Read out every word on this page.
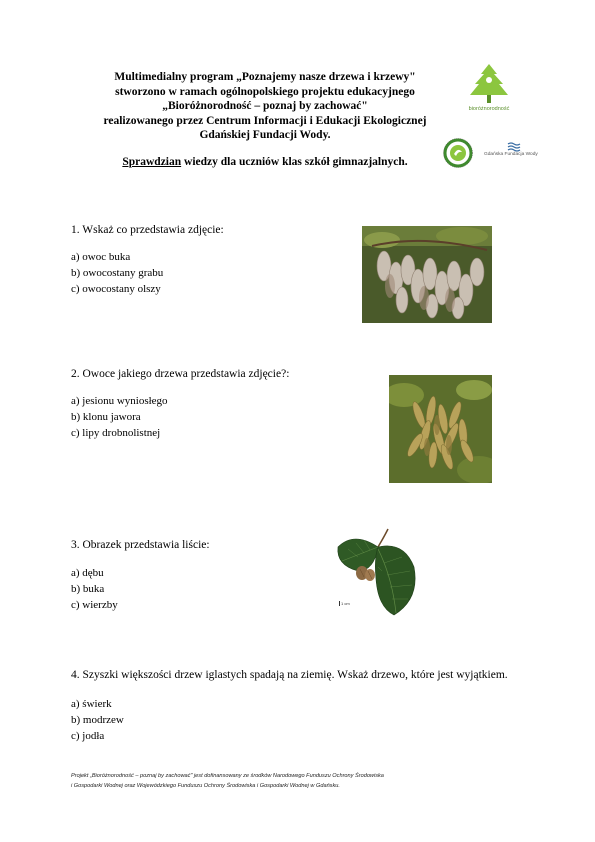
Multimedialny program „Poznajemy nasze drzewa i krzewy"
stworzono w ramach ogólnopolskiego projektu edukacyjnego
„Bioróżnorodność – poznaj by zachować"
realizowanego przez Centrum Informacji i Edukacji Ekologicznej
Gdańskiej Fundacji Wody.
Sprawdzian wiedzy dla uczniów klas szkół gimnazjalnych.
bioróżnorodność
Gdańska Fundacja Wody
1. Wskaż co przedstawia zdjęcie:
a) owoc buka
b) owocostany grabu
c) owocostany olszy
2. Owoce jakiego drzewa przedstawia zdjęcie?:
a) jesionu wyniosłego
b) klonu jawora
c) lipy drobnolistnej
3. Obrazek przedstawia liście:
a) dębu
b) buka
c) wierzby	1 cm
4. Szyszki większości drzew iglastych spadają na ziemię. Wskaż drzewo, które jest wyjątkiem.
a) świerk
b) modrzew
c) jodła
Projekt „Bioróżnorodność – poznaj by zachować" jest dofinansowany ze środków Narodowego Funduszu Ochrony Środowiska
i Gospodarki Wodnej oraz Wojewódzkiego Funduszu Ochrony Środowiska i Gospodarki Wodnej w Gdańsku.
